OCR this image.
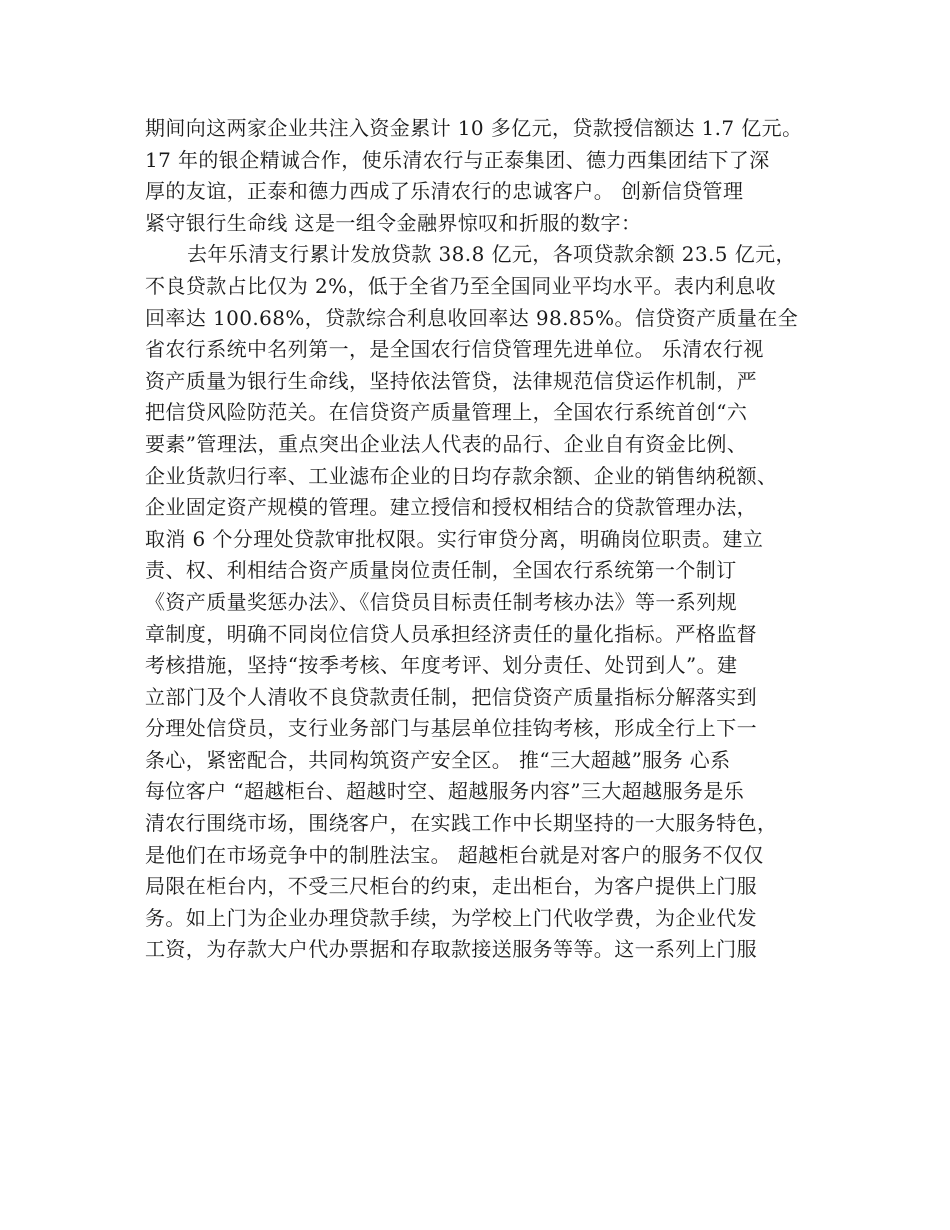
期间向这两家企业共注入资金累计 10 多亿元，贷款授信额达 1.7 亿元。
17 年的银企精诚合作，使乐清农行与正泰集团、德力西集团结下了深
厚的友谊，正泰和德力西成了乐清农行的忠诚客户。 创新信贷管理
紧守银行生命线 这是一组令金融界惊叹和折服的数字：
去年乐清支行累计发放贷款 38.8 亿元，各项贷款余额 23.5 亿元，
不良贷款占比仅为 2%，低于全省乃至全国同业平均水平。表内利息收
回率达 100.68%，贷款综合利息收回率达 98.85%。信贷资产质量在全
省农行系统中名列第一，是全国农行信贷管理先进单位。 乐清农行视
资产质量为银行生命线，坚持依法管贷，法律规范信贷运作机制，严
把信贷风险防范关。在信贷资产质量管理上，全国农行系统首创“六
要素”管理法，重点突出企业法人代表的品行、企业自有资金比例、
企业货款归行率、工业滤布企业的日均存款余额、企业的销售纳税额、
企业固定资产规模的管理。建立授信和授权相结合的贷款管理办法，
取消 6 个分理处贷款审批权限。实行审贷分离，明确岗位职责。建立
责、权、利相结合资产质量岗位责任制，全国农行系统第一个制订
《资产质量奖惩办法》、《信贷员目标责任制考核办法》等一系列规
章制度，明确不同岗位信贷人员承担经济责任的量化指标。严格监督
考核措施，坚持“按季考核、年度考评、划分责任、处罚到人”。建
立部门及个人清收不良贷款责任制，把信贷资产质量指标分解落实到
分理处信贷员，支行业务部门与基层单位挂钩考核，形成全行上下一
条心，紧密配合，共同构筑资产安全区。 推“三大超越”服务 心系
每位客户 “超越柜台、超越时空、超越服务内容”三大超越服务是乐
清农行围绕市场，围绕客户，在实践工作中长期坚持的一大服务特色，
是他们在市场竞争中的制胜法宝。 超越柜台就是对客户的服务不仅仅
局限在柜台内，不受三尺柜台的约束，走出柜台，为客户提供上门服
务。如上门为企业办理贷款手续，为学校上门代收学费，为企业代发
工资，为存款大户代办票据和存取款接送服务等等。这一系列上门服
